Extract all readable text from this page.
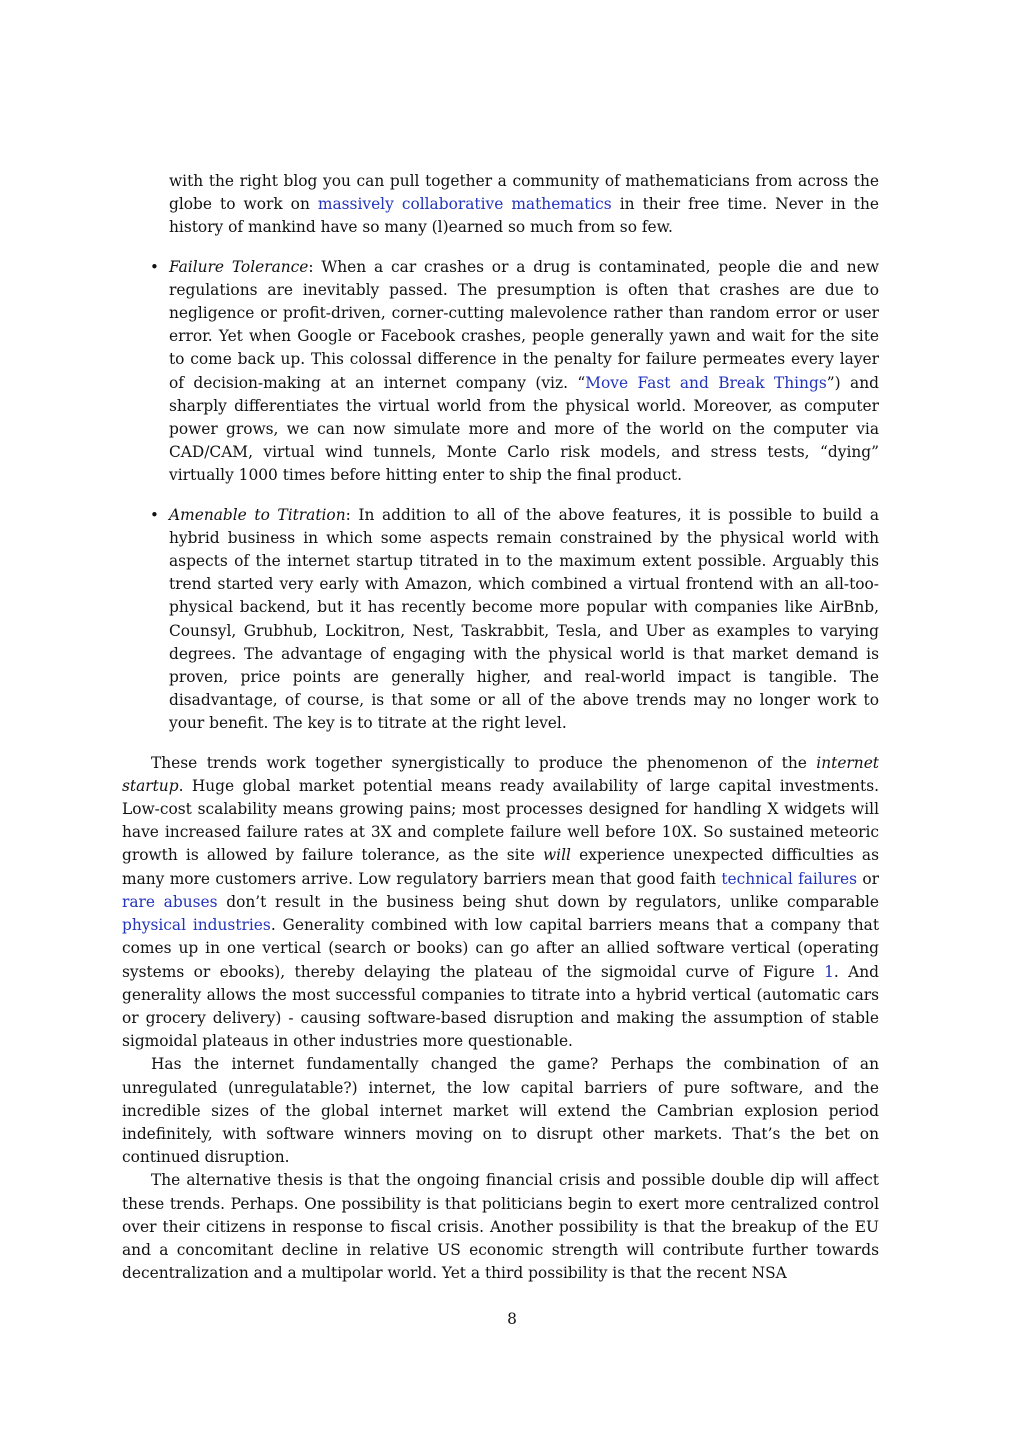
with the right blog you can pull together a community of mathematicians from across the globe to work on massively collaborative mathematics in their free time. Never in the history of mankind have so many (l)earned so much from so few.

• Failure Tolerance: When a car crashes or a drug is contaminated, people die and new regulations are inevitably passed. The presumption is often that crashes are due to negligence or profit-driven, corner-cutting malevolence rather than random error or user error. Yet when Google or Facebook crashes, people generally yawn and wait for the site to come back up. This colossal difference in the penalty for failure permeates every layer of decision-making at an internet company (viz. “Move Fast and Break Things”) and sharply differentiates the virtual world from the physical world. Moreover, as computer power grows, we can now simulate more and more of the world on the computer via CAD/CAM, virtual wind tunnels, Monte Carlo risk models, and stress tests, “dying” virtually 1000 times before hitting enter to ship the final product.

• Amenable to Titration: In addition to all of the above features, it is possible to build a hybrid business in which some aspects remain constrained by the physical world with aspects of the internet startup titrated in to the maximum extent possible. Arguably this trend started very early with Amazon, which combined a virtual frontend with an all-too-physical backend, but it has recently become more popular with companies like AirBnb, Counsyl, Grubhub, Lockitron, Nest, Taskrabbit, Tesla, and Uber as examples to varying degrees. The advantage of engaging with the physical world is that market demand is proven, price points are generally higher, and real-world impact is tangible. The disadvantage, of course, is that some or all of the above trends may no longer work to your benefit. The key is to titrate at the right level.

These trends work together synergistically to produce the phenomenon of the internet startup. Huge global market potential means ready availability of large capital investments. Low-cost scalability means growing pains; most processes designed for handling X widgets will have increased failure rates at 3X and complete failure well before 10X. So sustained meteoric growth is allowed by failure tolerance, as the site will experience unexpected difficulties as many more customers arrive. Low regulatory barriers mean that good faith technical failures or rare abuses don’t result in the business being shut down by regulators, unlike comparable physical industries. Generality combined with low capital barriers means that a company that comes up in one vertical (search or books) can go after an allied software vertical (operating systems or ebooks), thereby delaying the plateau of the sigmoidal curve of Figure 1. And generality allows the most successful companies to titrate into a hybrid vertical (automatic cars or grocery delivery) - causing software-based disruption and making the assumption of stable sigmoidal plateaus in other industries more questionable.

Has the internet fundamentally changed the game? Perhaps the combination of an unregulated (unregulatable?) internet, the low capital barriers of pure software, and the incredible sizes of the global internet market will extend the Cambrian explosion period indefinitely, with software winners moving on to disrupt other markets. That’s the bet on continued disruption.

The alternative thesis is that the ongoing financial crisis and possible double dip will affect these trends. Perhaps. One possibility is that politicians begin to exert more centralized control over their citizens in response to fiscal crisis. Another possibility is that the breakup of the EU and a concomitant decline in relative US economic strength will contribute further towards decentralization and a multipolar world. Yet a third possibility is that the recent NSA

8
